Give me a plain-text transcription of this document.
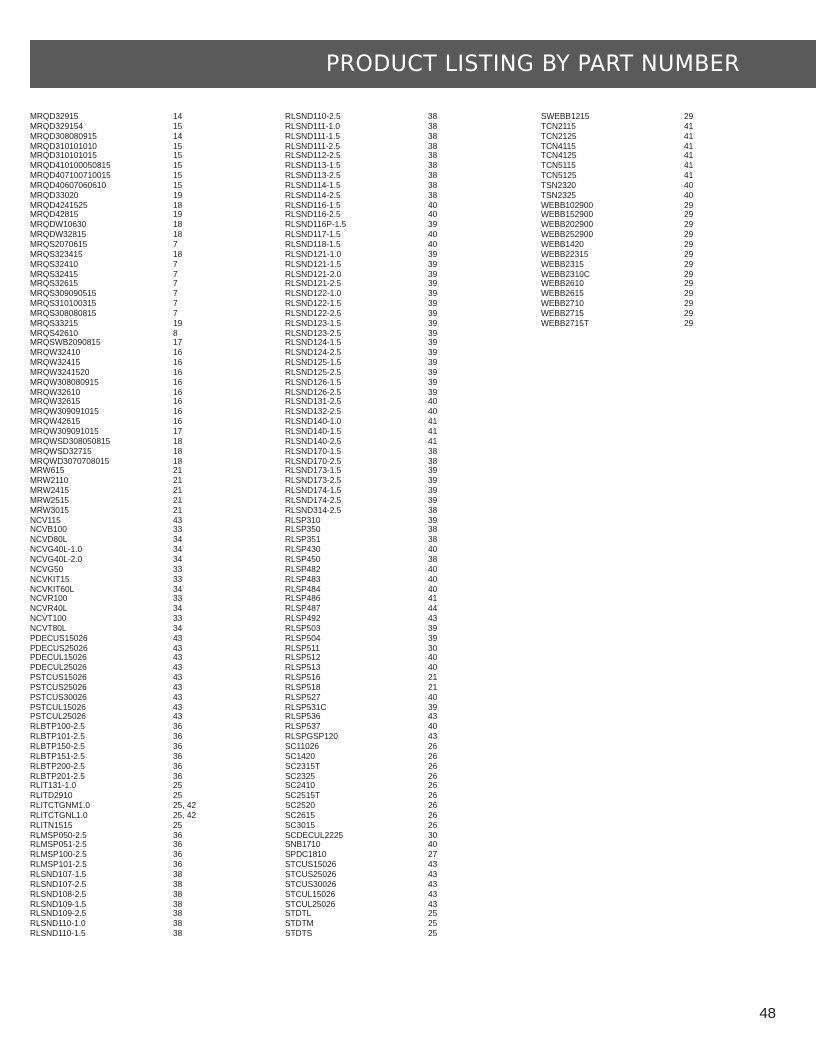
PRODUCT LISTING BY PART NUMBER
MRQD32915	14
MRQD329154	15
MRQD308080915	14
MRQD310101010	15
MRQD310101015	15
MRQD410100050815	15
MRQD407100710015	15
MRQD40607060610	15
MRQD33020	19
MRQD4241525	18
MRQD42815	19
MRQDW10630	18
MRQDW32815	18
MRQS2070615	7
MRQS323415	18
MRQS32410	7
MRQS32415	7
MRQS32615	7
MRQS309090515	7
MRQS310100315	7
MRQS308080815	7
MRQS33215	19
MRQS42610	8
MRQSWB2090815	17
MRQW32410	16
MRQW32415	16
MRQW3241520	16
MRQW308080915	16
MRQW32610	16
MRQW32615	16
MRQW309091015	16
MRQW42615	16
MRQW309091015	17
MRQWSD308050815	18
MRQWSD32715	18
MRQWD3070708015	18
MRW615	21
MRW2110	21
MRW2415	21
MRW2515	21
MRW3015	21
NCV115	43
NCVB100	33
NCVD80L	34
NCVG40L-1.0	34
NCVG40L-2.0	34
NCVG50	33
NCVKIT15	33
NCVKIT60L	34
NCVR100	33
NCVR40L	34
NCVT100	33
NCVT80L	34
PDECUS15026	43
PDECUS25026	43
PDECUL15026	43
PDECUL25026	43
PSTCUS15026	43
PSTCUS25026	43
PSTCUS30026	43
PSTCUL15026	43
PSTCUL25026	43
RLBTP100-2.5	36
RLBTP101-2.5	36
RLBTP150-2.5	36
RLBTP151-2.5	36
RLBTP200-2.5	36
RLBTP201-2.5	36
RLIT131-1.0	25
RLITD2910	25
RLITCTGNM1.0	25, 42
RLITCTGNL1.0	25, 42
RLITN1515	25
RLMSP050-2.5	36
RLMSP051-2.5	36
RLMSP100-2.5	36
RLMSP101-2.5	36
RLSND107-1.5	38
RLSND107-2.5	38
RLSND108-2.5	38
RLSND109-1.5	38
RLSND109-2.5	38
RLSND110-1.0	38
RLSND110-1.5	38
RLSND110-2.5	38
RLSND111-1.0	38
RLSND111-1.5	38
RLSND111-2.5	38
RLSND112-2.5	38
RLSND113-1.5	38
RLSND113-2.5	38
RLSND114-1.5	38
RLSND114-2.5	38
RLSND116-1.5	40
RLSND116-2.5	40
RLSND116P-1.5	39
RLSND117-1.5	40
RLSND118-1.5	40
RLSND121-1.0	39
RLSND121-1.5	39
RLSND121-2.0	39
RLSND121-2.5	39
RLSND122-1.0	39
RLSND122-1.5	39
RLSND122-2.5	39
RLSND123-1.5	39
RLSND123-2.5	39
RLSND124-1.5	39
RLSND124-2.5	39
RLSND125-1.5	39
RLSND125-2.5	39
RLSND126-1.5	39
RLSND126-2.5	39
RLSND131-2.5	40
RLSND132-2.5	40
RLSND140-1.0	41
RLSND140-1.5	41
RLSND140-2.5	41
RLSND170-1.5	38
RLSND170-2.5	38
RLSND173-1.5	39
RLSND173-2.5	39
RLSND174-1.5	39
RLSND174-2.5	39
RLSND314-2.5	38
RLSP310	39
RLSP350	38
RLSP351	38
RLSP430	40
RLSP450	38
RLSP482	40
RLSP483	40
RLSP484	40
RLSP486	41
RLSP487	44
RLSP492	43
RLSP503	39
RLSP504	39
RLSP511	30
RLSP512	40
RLSP513	40
RLSP516	21
RLSP518	21
RLSP527	40
RLSP531C	39
RLSP536	43
RLSP537	40
RLSPGSP120	43
SC11026	26
SC1420	26
SC2315T	26
SC2325	26
SC2410	26
SC2515T	26
SC2520	26
SC2615	26
SC3015	26
SCDECUL2225	30
SNB1710	40
SPDC1810	27
STCUS15026	43
STCUS25026	43
STCUS30026	43
STCUL15026	43
STCUL25026	43
STDTL	25
STDTM	25
STDTS	25
SWEBB1215	29
TCN2115	41
TCN2125	41
TCN4115	41
TCN4125	41
TCN5115	41
TCN5125	41
TSN2320	40
TSN2325	40
WEBB102900	29
WEBB152900	29
WEBB202900	29
WEBB252900	29
WEBB1420	29
WEBB22315	29
WEBB2315	29
WEBB2310C	29
WEBB2610	29
WEBB2615	29
WEBB2710	29
WEBB2715	29
WEBB2715T	29
48
